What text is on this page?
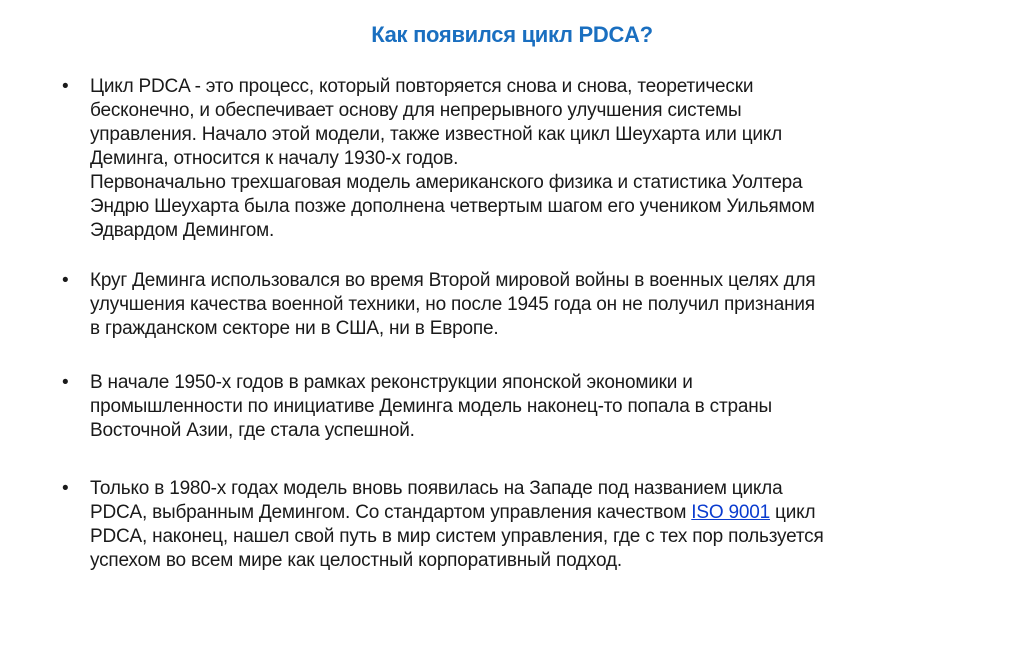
Как появился цикл PDCA?
• Цикл PDCA - это процесс, который повторяется снова и снова, теоретически
бесконечно, и обеспечивает основу для непрерывного улучшения системы
управления. Начало этой модели, также известной как цикл Шеухарта или цикл
Деминга, относится к началу 1930-х годов.
Первоначально трехшаговая модель американского физика и статистика Уолтера
Эндрю Шеухарта была позже дополнена четвертым шагом его учеником Уильямом
Эдвардом Демингом.
• Круг Деминга использовался во время Второй мировой войны в военных целях для
улучшения качества военной техники, но после 1945 года он не получил признания
в гражданском секторе ни в США, ни в Европе.
• В начале 1950-х годов в рамках реконструкции японской экономики и
промышленности по инициативе Деминга модель наконец-то попала в страны
Восточной Азии, где стала успешной.
• Только в 1980-х годах модель вновь появилась на Западе под названием цикла
PDCA, выбранным Демингом. Со стандартом управления качеством ISO 9001 цикл
PDCA, наконец, нашел свой путь в мир систем управления, где с тех пор пользуется
успехом во всем мире как целостный корпоративный подход.
